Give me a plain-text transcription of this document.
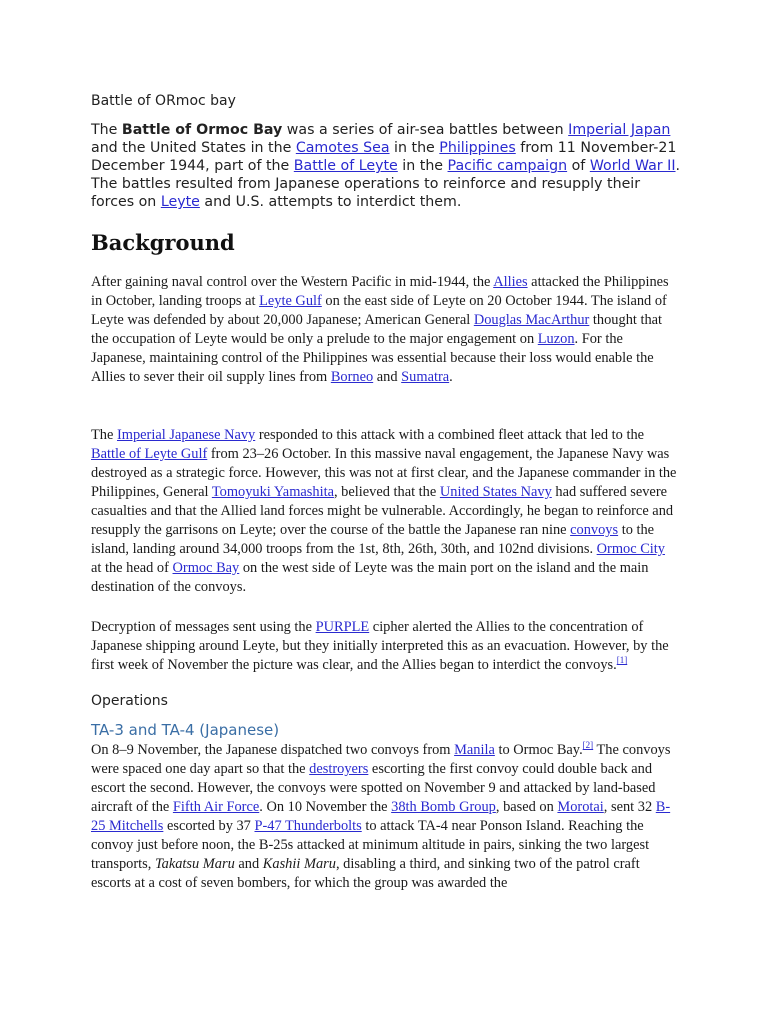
Battle of ORmoc bay

The Battle of Ormoc Bay was a series of air-sea battles between Imperial Japan and the United States in the Camotes Sea in the Philippines from 11 November-21 December 1944, part of the Battle of Leyte in the Pacific campaign of World War II. The battles resulted from Japanese operations to reinforce and resupply their forces on Leyte and U.S. attempts to interdict them.

Background

After gaining naval control over the Western Pacific in mid-1944, the Allies attacked the Philippines in October, landing troops at Leyte Gulf on the east side of Leyte on 20 October 1944. The island of Leyte was defended by about 20,000 Japanese; American General Douglas MacArthur thought that the occupation of Leyte would be only a prelude to the major engagement on Luzon. For the Japanese, maintaining control of the Philippines was essential because their loss would enable the Allies to sever their oil supply lines from Borneo and Sumatra.

The Imperial Japanese Navy responded to this attack with a combined fleet attack that led to the Battle of Leyte Gulf from 23–26 October. In this massive naval engagement, the Japanese Navy was destroyed as a strategic force. However, this was not at first clear, and the Japanese commander in the Philippines, General Tomoyuki Yamashita, believed that the United States Navy had suffered severe casualties and that the Allied land forces might be vulnerable. Accordingly, he began to reinforce and resupply the garrisons on Leyte; over the course of the battle the Japanese ran nine convoys to the island, landing around 34,000 troops from the 1st, 8th, 26th, 30th, and 102nd divisions. Ormoc City at the head of Ormoc Bay on the west side of Leyte was the main port on the island and the main destination of the convoys.

Decryption of messages sent using the PURPLE cipher alerted the Allies to the concentration of Japanese shipping around Leyte, but they initially interpreted this as an evacuation. However, by the first week of November the picture was clear, and the Allies began to interdict the convoys.[1]

Operations
TA-3 and TA-4 (Japanese)

On 8–9 November, the Japanese dispatched two convoys from Manila to Ormoc Bay.[2] The convoys were spaced one day apart so that the destroyers escorting the first convoy could double back and escort the second. However, the convoys were spotted on November 9 and attacked by land-based aircraft of the Fifth Air Force. On 10 November the 38th Bomb Group, based on Morotai, sent 32 B-25 Mitchells escorted by 37 P-47 Thunderbolts to attack TA-4 near Ponson Island. Reaching the convoy just before noon, the B-25s attacked at minimum altitude in pairs, sinking the two largest transports, Takatsu Maru and Kashii Maru, disabling a third, and sinking two of the patrol craft escorts at a cost of seven bombers, for which the group was awarded the
